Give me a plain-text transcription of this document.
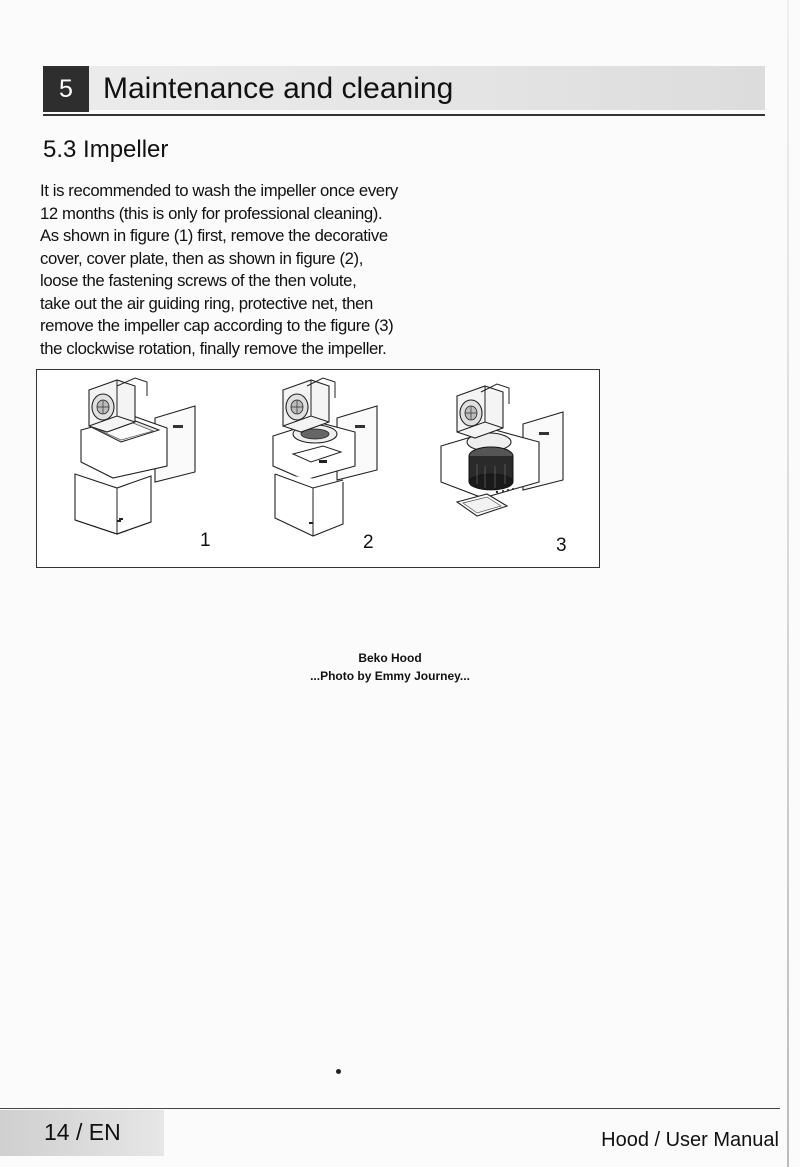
5	Maintenance and cleaning
5.3 Impeller

It is recommended to wash the impeller once every
12 months (this is only for professional cleaning).
As shown in figure (1) first, remove the decorative
cover, cover plate, then as shown in figure (2),
loose the fastening screws of the then volute,
take out the air guiding ring, protective net, then
remove the impeller cap according to the figure (3)
the clockwise rotation, finally remove the impeller.

1	2	3
Beko Hood
...Photo by Emmy Journey...
14 / EN	Hood / User Manual
